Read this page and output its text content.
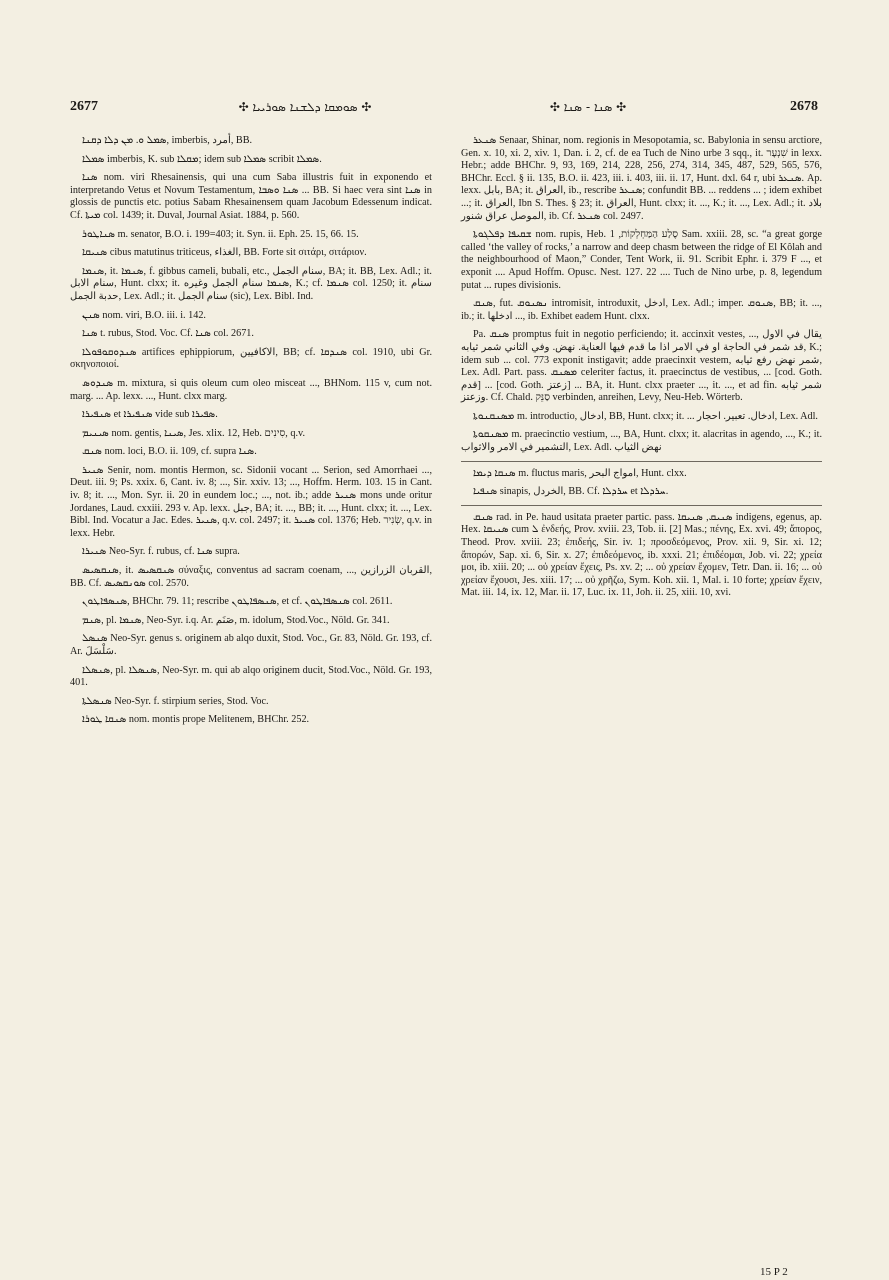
2677	✣ ܣܘܡܩܐ ܕܠܫܢܐ ܣܘܪܝܝܐ ✣	✣ ܣܢܐ - ܣܢܐ ✣	2678

ܣܡܠ ܘ. ܡܢ ܕܠܐ ܕܩܢܐ, imberbis, أمرد, BB.

ܣܡܠܐ imberbis, K. sub ܡܩܠܐ; idem sub ܣܡܠܐ scribit ܣܡܠܐ.

ܣܢܐ nom. viri Rhesainensis, qui una cum Saba illustris fuit in exponendo et interpretando Vetus et Novum Testamentum, ܣܢܐ ܘܣܒܐ ... BB. Si haec vera sint ܣܢܐ in glossis de punctis etc. potius Sabam Rhesainensem quam Jacobum Edessenum indicat. Cf. ܡܝܬܐ col. 1439; it. Duval, Journal Asiat. 1884, p. 560.

ܣܢܐܛܘܪ m. senator, B.O. i. 199=403; it. Syn. ii. Eph. 25. 15, 66. 15.

ܣܢܝܩܐ cibus matutinus triticeus, الغذاء, BB. Forte sit σιτάρι, σιτάριον.

ܣܢܡܐ, it. ܣܢܡܐ, f. gibbus cameli, bubali, etc., سنام الجمل, BA; it. BB, Lex. Adl.; it. سنام الابل, Hunt. clxx; it. ܣܢܡܐ سنام الجمل وغيره, K.; cf. ܣܢܡܐ col. 1250; it. سنام حدبة الجمل, Lex. Adl.; it. سنام الجمل (sic), Lex. Bibl. Ind.

ܣܢܢ nom. viri, B.O. iii. i. 142.

ܣܢܐ t. rubus, Stod. Voc. Cf. ܣܢܐ col. 2671.

ܣܢܕܘܩܘܦܘܠܐ artifices ephippiorum, الاكافيين, BB; cf. ܣܢܕܩܐ col. 1910, ubi Gr. σκηνοποιοί.

ܣܢܕܘܣ m. mixtura, si quis oleum cum oleo misceat ..., BHNom. 115 v, cum not. marg. ... Ap. lexx. ..., Hunt. clxx marg.

ܣܢܦܝܪܐ et ܣܢܦܝܪܐ vide sub ܣܦܝܪܐ.

ܣܝܢܝܡ nom. gentis, ܣܝܢܐ, Jes. xlix. 12, Heb. סִינִים, q.v.

ܣܢܩ nom. loci, B.O. ii. 109, cf. supra ܣܢܐ.

ܣܢܝܪ Senir, nom. montis Hermon, sc. Sidonii vocant ... Serion, sed Amorrhaei ..., Deut. iii. 9; Ps. xxix. 6, Cant. iv. 8; ..., Sir. xxiv. 13; ..., Hoffm. Herm. 103. 15 in Cant. iv. 8; it. ..., Mon. Syr. ii. 20 in eundem loc.; ..., not. ib.; adde ܣܢܝܪ mons unde oritur Jordanes, Laud. cxxiii. 293 v. Ap. lexx. جبل, BA; it. ..., BB; it. ..., Hunt. clxx; it. ..., Lex. Bibl. Ind. Vocatur a Jac. Edes. ܣܢܝܪ, q.v. col. 2497; it. ܣܢܝܪ col. 1376; Heb. שְׂנִיר, q.v. in lexx. Hebr.

ܣܢܝܪܐ Neo-Syr. f. rubus, cf. ܣܢܐ supra.

ܣܢܩܣܝܣ, it. ܣܢܩܣܝܣ σύναξις, conventus ad sacram coenam, ..., القربان الزرازين, BB. Cf. ܣܘܢܩܣܝܣ col. 2570.

ܣܢܣܦܐܛܘܢ, BHChr. 79. 11; rescribe ܣܢܣܦܐܛܘܢ, et cf. ܣܢܣܦܐܛܘܢ col. 2611.

ܣܢܡ, pl. ܣܢܡܐ, Neo-Syr. i.q. Ar. صَنَم, m. idolum, Stod.Voc., Nöld. Gr. 341.

ܣܢܣܠ Neo-Syr. genus s. originem ab alqo duxit, Stod. Voc., Gr. 83, Nöld. Gr. 193, cf. Ar. سَلْسَلَ.

ܣܢܣܠܐ, pl. ܣܢܣܠܐ, Neo-Syr. m. qui ab alqo originem ducit, Stod.Voc., Nöld. Gr. 193, 401.

ܣܢܣܠܬܐ Neo-Syr. f. stirpium series, Stod. Voc.

ܣܢܩܐ ܛܘܪܐ nom. montis prope Melitenem, BHChr. 252.

ܣܢܥܪ Senaar, Shinar, nom. regionis in Mesopotamia, sc. Babylonia in sensu arctiore, Gen. x. 10, xi. 2, xiv. 1, Dan. i. 2, cf. de ea Tuch de Nino urbe 3 sqq., it. שִׁנְעָר in lexx. Hebr.; adde BHChr. 9, 93, 169, 214, 228, 256, 274, 314, 345, 487, 529, 565, 576, BHChr. Eccl. § ii. 135, B.O. ii. 423, iii. i. 403, iii. ii. 17, Hunt. dxl. 64 r, ubi ܣܢܥܪ. Ap. lexx. بابل, BA; it. العراق, ib., rescribe ܣܢܥܪ; confundit BB. ... reddens ... ; idem exhibet ...; it. العراق, Ibn S. Thes. § 23; it. العراق, Hunt. clxx; it. ..., K.; it. ..., Lex. Adl.; it. بلاد الموصل عراق شنور, ib. Cf. ܣܢܥܪ col. 2497.

ܫܩܝܦܐ ܕܦܠܓܘܬܐ nom. rupis, Heb. סֶלַע הַמַּחְלְקוֹת, 1 Sam. xxiii. 28, sc. “a great gorge called ‘the valley of rocks,’ a narrow and deep chasm between the ridge of El Kôlah and the neighbourhood of Maon,” Conder, Tent Work, ii. 91. Scribit Ephr. i. 379 F ..., et exponit .... Apud Hoffm. Opusc. Nest. 127. 22 .... Tuch de Nino urbe, p. 8, legendum putat ... rupes divisionis.

ܣܢܩ, fut. ܢܣܢܘܩ intromisit, introduxit, ادخل, Lex. Adl.; imper. ܣܢܘܩ, BB; it. ..., ib.; it. ادخلها ..., ib. Exhibet eadem Hunt. clxx.

Pa. ܣܢܩ promptus fuit in negotio perficiendo; it. accinxit vestes, ..., يقال في الاول قد شمر في الحاجة او في الامر اذا ما قدم فيها العناية. نهض. وفي الثاني شمر ثيابه, K.; idem sub ... col. 773 exponit instigavit; adde praecinxit vestem, شمر نهض رفع ثيابه, Lex. Adl. Part. pass. ܡܣܢܩ celeriter factus, it. praecinctus de vestibus, ... [cod. Goth. قدم] ... [cod. Goth. زعتز] ... BA, it. Hunt. clxx praeter ..., it. ..., et ad fin. شمر ثيابه وزعتز. Cf. Chald. סַנֵּק verbinden, anreihen, Levy, Neu-Heb. Wörterb.

ܡܣܢܩܢܘܬܐ m. introductio, ادخال, BB, Hunt. clxx; it. ... ادخال. تعبير. احجار, Lex. Adl.

ܡܣܢܩܘܬܐ m. praecinctio vestium, ..., BA, Hunt. clxx; it. alacritas in agendo, ..., K.; it. التشمير في الامر والاثواب, Lex. Adl. نهض الثياب

ܣܢܩܐ ܕܝܡܐ m. fluctus maris, امواج البحر, Hunt. clxx.

ܣܢܦܝܐ sinapis, الخردل, BB. Cf. ܚܪܕܠܐ et ܚܪܕܠܐ.

ܣܢܩ rad. in Pe. haud usitata praeter partic. pass. ܣܢܝܩ, ܣܢܝܩܐ indigens, egenus, ap. Hex. ܣܢܝܩܐ cum ܠ ἐνδεής, Prov. xviii. 23, Tob. ii. [2] Mas.; πένης, Ex. xvi. 49; ἄπορος, Theod. Prov. xviii. 23; ἐπιδεής, Sir. iv. 1; προσδεόμενος, Prov. xii. 9, Sir. xi. 12; ἄπορών, Sap. xi. 6, Sir. x. 27; ἐπιδεόμενος, ib. xxxi. 21; ἐπιδέομαι, Job. vi. 22; χρεία μοι, ib. xiii. 20; ... οὐ χρείαν ἔχεις, Ps. xv. 2; ... οὐ χρείαν ἔχομεν, Tetr. Dan. ii. 16; ... οὐ χρείαν ἔχουσι, Jes. xiii. 17; ... οὐ χρῆζω, Sym. Koh. xii. 1, Mal. i. 10 forte; χρείαν ἔχειν, Mat. iii. 14, ix. 12, Mar. ii. 17, Luc. ix. 11, Joh. ii. 25, xiii. 10, xvi.

15 P 2
